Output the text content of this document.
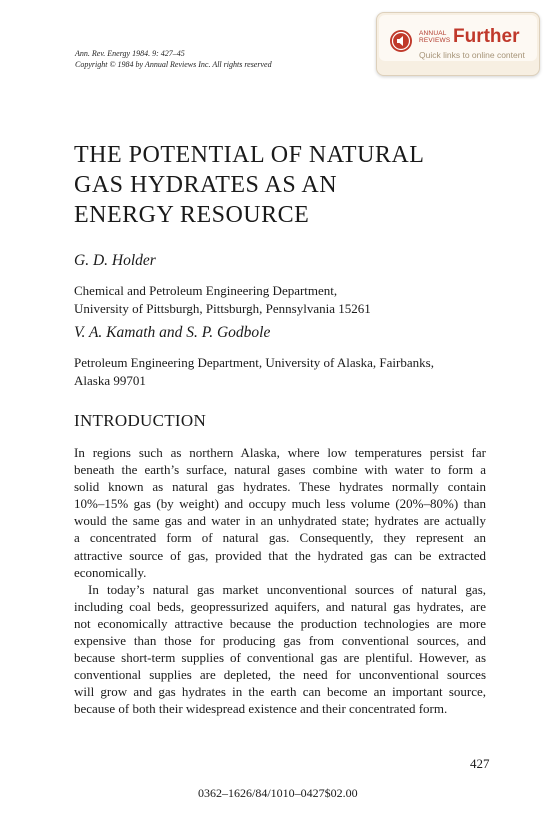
Ann. Rev. Energy 1984. 9: 427–45
Copyright © 1984 by Annual Reviews Inc. All rights reserved
ANNUAL
REVIEWS Further
Quick links to online content
THE POTENTIAL OF NATURAL
GAS HYDRATES AS AN
ENERGY RESOURCE
G. D. Holder
Chemical and Petroleum Engineering Department,
University of Pittsburgh, Pittsburgh, Pennsylvania 15261
V. A. Kamath and S. P. Godbole
Petroleum Engineering Department, University of Alaska, Fairbanks,
Alaska 99701
INTRODUCTION
In regions such as northern Alaska, where low temperatures persist far
beneath the earth’s surface, natural gases combine with water to form a
solid known as natural gas hydrates. These hydrates normally contain
10%–15% gas (by weight) and occupy much less volume (20%–80%) than
would the same gas and water in an unhydrated state; hydrates are actually
a concentrated form of natural gas. Consequently, they represent an
attractive source of gas, provided that the hydrated gas can be extracted
economically.
In today’s natural gas market unconventional sources of natural gas,
including coal beds, geopressurized aquifers, and natural gas hydrates, are
not economically attractive because the production technologies are more
expensive than those for producing gas from conventional sources, and
because short-term supplies of conventional gas are plentiful. However, as
conventional supplies are depleted, the need for unconventional sources
will grow and gas hydrates in the earth can become an important source,
because of both their widespread existence and their concentrated form.
427
0362–1626/84/1010–0427$02.00
